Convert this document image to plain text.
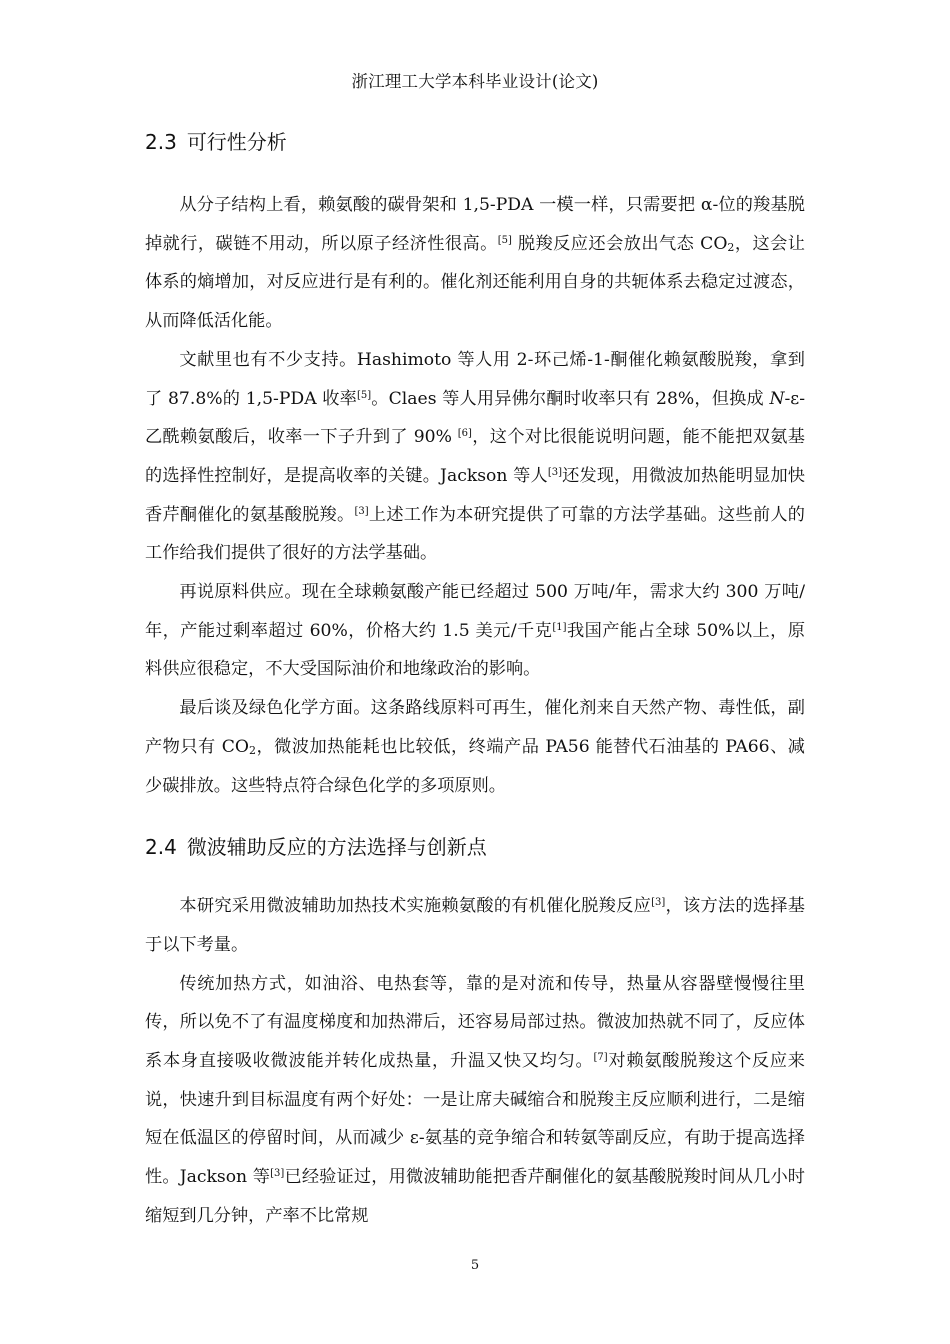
浙江理工大学本科毕业设计(论文)
2.3 可行性分析

从分子结构上看，赖氨酸的碳骨架和 1,5-PDA 一模一样，只需要把 α-位的羧基脱掉就行，碳链不用动，所以原子经济性很高。[5] 脱羧反应还会放出气态 $CO_2$，这会让体系的熵增加，对反应进行是有利的。催化剂还能利用自身的共轭体系去稳定过渡态，从而降低活化能。

文献里也有不少支持。Hashimoto 等人用 2-环己烯-1-酮催化赖氨酸脱羧，拿到了 87.8%的 1,5-PDA 收率[5]。Claes 等人用异佛尔酮时收率只有 28%，但换成 N-ε-乙酰赖氨酸后，收率一下子升到了 90% [6]，这个对比很能说明问题，能不能把双氨基的选择性控制好，是提高收率的关键。Jackson 等人[3]还发现，用微波加热能明显加快香芹酮催化的氨基酸脱羧。[3]上述工作为本研究提供了可靠的方法学基础。这些前人的工作给我们提供了很好的方法学基础。

再说原料供应。现在全球赖氨酸产能已经超过 500 万吨/年，需求大约 300 万吨/年，产能过剩率超过 60%，价格大约 1.5 美元/千克[1]我国产能占全球 50%以上，原料供应很稳定，不大受国际油价和地缘政治的影响。

最后谈及绿色化学方面。这条路线原料可再生，催化剂来自天然产物、毒性低，副产物只有 $CO_2$，微波加热能耗也比较低，终端产品 PA56 能替代石油基的 PA66、减少碳排放。这些特点符合绿色化学的多项原则。

2.4 微波辅助反应的方法选择与创新点

本研究采用微波辅助加热技术实施赖氨酸的有机催化脱羧反应[3]，该方法的选择基于以下考量。

传统加热方式，如油浴、电热套等，靠的是对流和传导，热量从容器壁慢慢往里传，所以免不了有温度梯度和加热滞后，还容易局部过热。微波加热就不同了，反应体系本身直接吸收微波能并转化成热量，升温又快又均匀。[7]对赖氨酸脱羧这个反应来说，快速升到目标温度有两个好处：一是让席夫碱缩合和脱羧主反应顺利进行，二是缩短在低温区的停留时间，从而减少 ε-氨基的竞争缩合和转氨等副反应，有助于提高选择性。Jackson 等[3]已经验证过，用微波辅助能把香芹酮催化的氨基酸脱羧时间从几小时缩短到几分钟，产率不比常规

5
